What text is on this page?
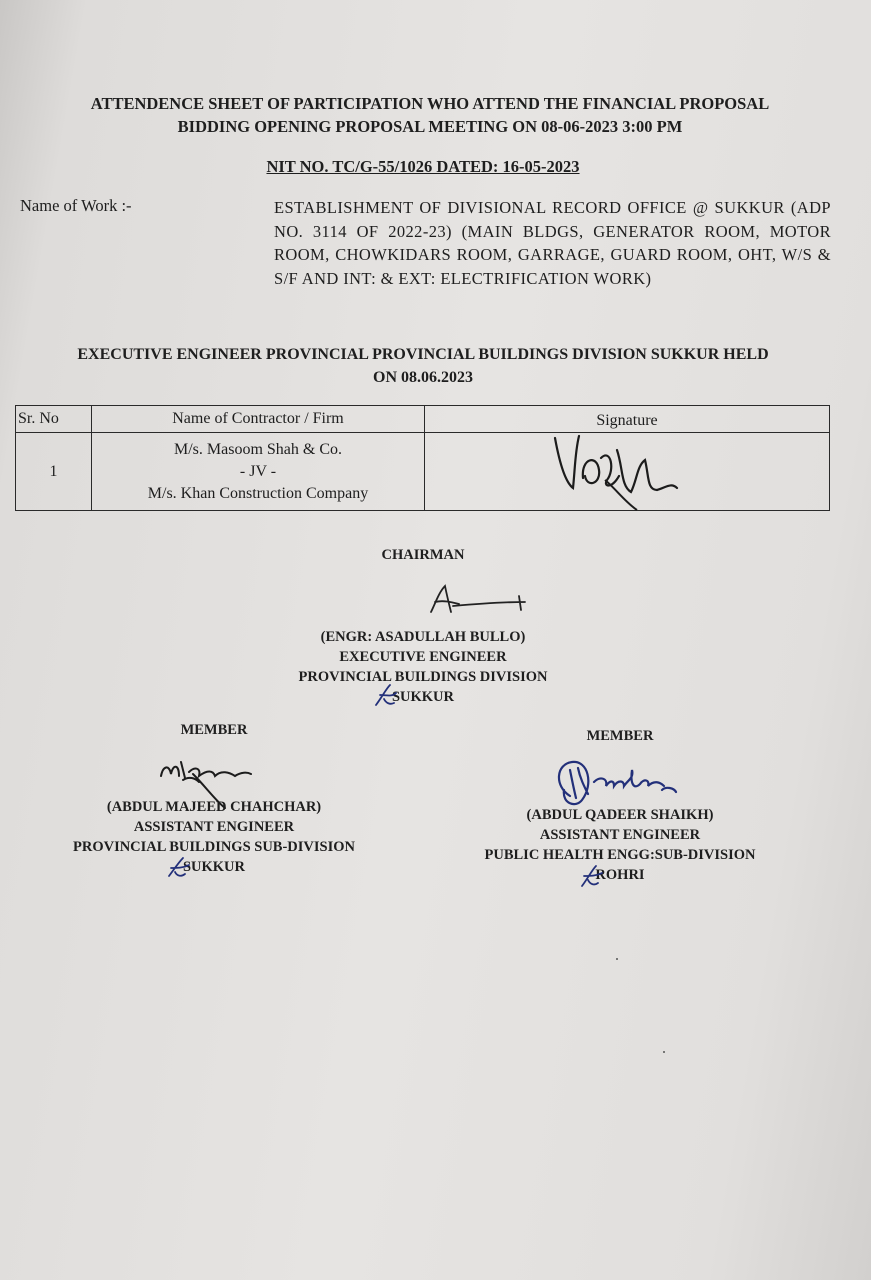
ATTENDENCE SHEET OF PARTICIPATION WHO ATTEND THE FINANCIAL PROPOSAL
BIDDING OPENING PROPOSAL MEETING ON 08-06-2023 3:00 PM
NIT NO. TC/G-55/1026 DATED: 16-05-2023
Name of Work :-	ESTABLISHMENT OF DIVISIONAL RECORD OFFICE @ SUKKUR (ADP NO. 3114 OF 2022-23) (MAIN BLDGS, GENERATOR ROOM, MOTOR ROOM, CHOWKIDARS ROOM, GARRAGE, GUARD ROOM, OHT, W/S & S/F AND INT: & EXT: ELECTRIFICATION WORK)
EXECUTIVE ENGINEER PROVINCIAL PROVINCIAL BUILDINGS DIVISION SUKKUR HELD
ON 08.06.2023
Sr. No	Name of Contractor / Firm	Signature
1	M/s. Masoom Shah & Co.
- JV -
M/s. Khan Construction Company	

CHAIRMAN
(ENGR: ASADULLAH BULLO)
EXECUTIVE ENGINEER
PROVINCIAL BUILDINGS DIVISION
SUKKUR
MEMBER
(ABDUL MAJEED CHAHCHAR)
ASSISTANT ENGINEER
PROVINCIAL BUILDINGS SUB-DIVISION
SUKKUR
MEMBER
(ABDUL QADEER SHAIKH)
ASSISTANT ENGINEER
PUBLIC HEALTH ENGG:SUB-DIVISION
ROHRI
